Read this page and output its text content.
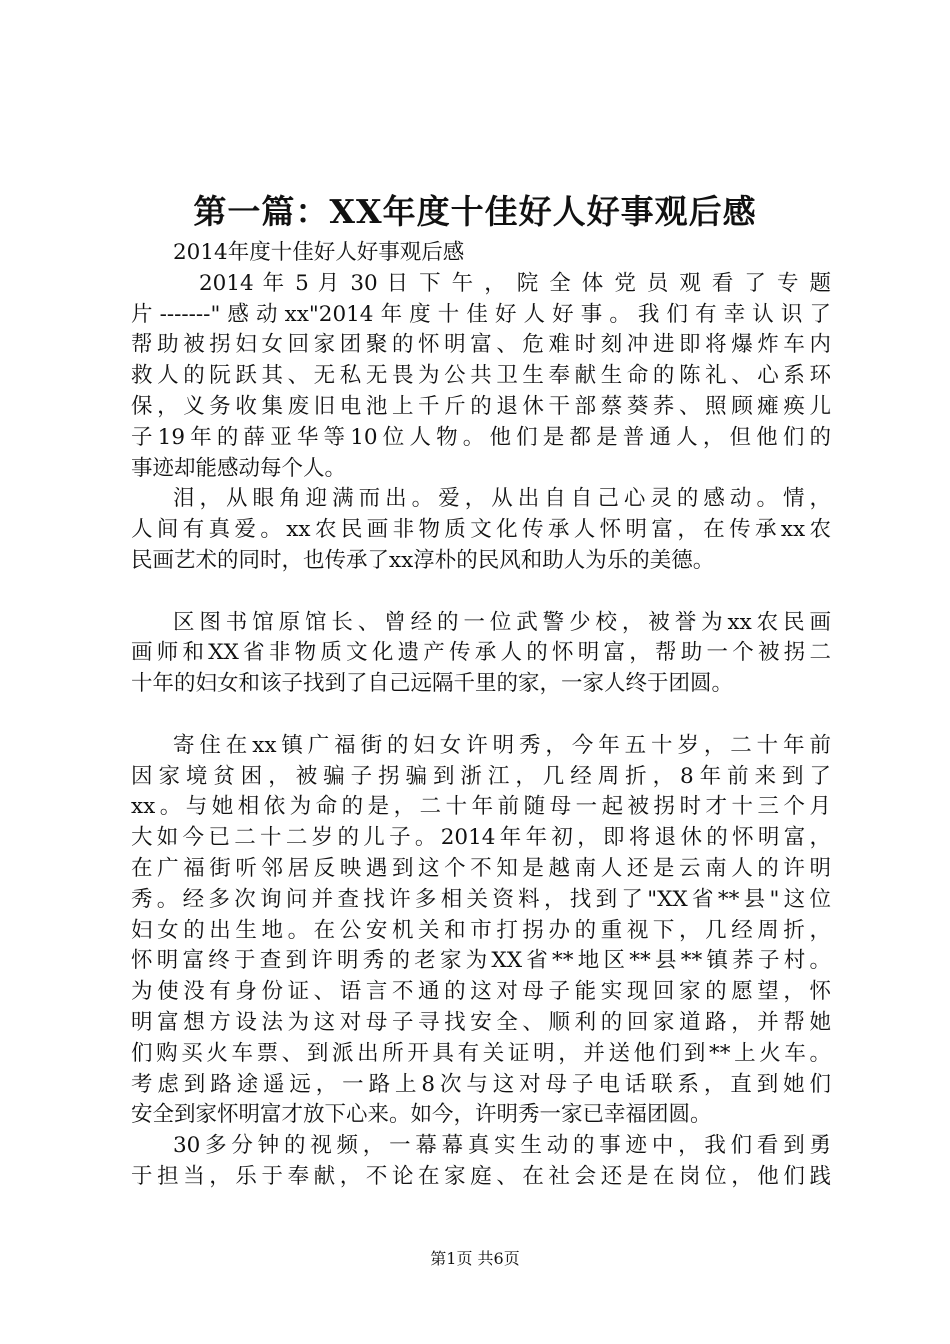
第一篇：XX年度十佳好人好事观后感
2014年度十佳好人好事观后感
2014 年 5 月 30 日 下 午 ， 院 全 体 党 员 观 看 了 专 题
片-------"感动xx"2014年度十佳好人好事。我们有幸认识了
帮助被拐妇女回家团聚的怀明富、危难时刻冲进即将爆炸车内
救人的阮跃其、无私无畏为公共卫生奉献生命的陈礼、心系环
保，义务收集废旧电池上千斤的退休干部蔡葵荞、照顾瘫痪儿
子19年的薛亚华等10位人物。他们是都是普通人，但他们的
事迹却能感动每个人。
泪，从眼角迎满而出。爱，从出自自己心灵的感动。情，
人间有真爱。xx农民画非物质文化传承人怀明富，在传承xx农
民画艺术的同时，也传承了xx淳朴的民风和助人为乐的美德。
区图书馆原馆长、曾经的一位武警少校，被誉为xx农民画
画师和XX省非物质文化遗产传承人的怀明富，帮助一个被拐二
十年的妇女和该子找到了自己远隔千里的家，一家人终于团圆。
寄住在xx镇广福街的妇女许明秀，今年五十岁，二十年前
因家境贫困，被骗子拐骗到浙江，几经周折，8年前来到了
xx。与她相依为命的是，二十年前随母一起被拐时才十三个月
大如今已二十二岁的儿子。2014年年初，即将退休的怀明富，
在广福街听邻居反映遇到这个不知是越南人还是云南人的许明
秀。经多次询问并查找许多相关资料，找到了"XX省**县"这位
妇女的出生地。在公安机关和市打拐办的重视下，几经周折，
怀明富终于查到许明秀的老家为XX省**地区**县**镇荞子村。
为使没有身份证、语言不通的这对母子能实现回家的愿望，怀
明富想方设法为这对母子寻找安全、顺利的回家道路，并帮她
们购买火车票、到派出所开具有关证明，并送他们到**上火车。
考虑到路途遥远，一路上8次与这对母子电话联系，直到她们
安全到家怀明富才放下心来。如今，许明秀一家已幸福团圆。
30多分钟的视频，一幕幕真实生动的事迹中，我们看到勇
于担当，乐于奉献，不论在家庭、在社会还是在岗位，他们践
第1页 共6页
